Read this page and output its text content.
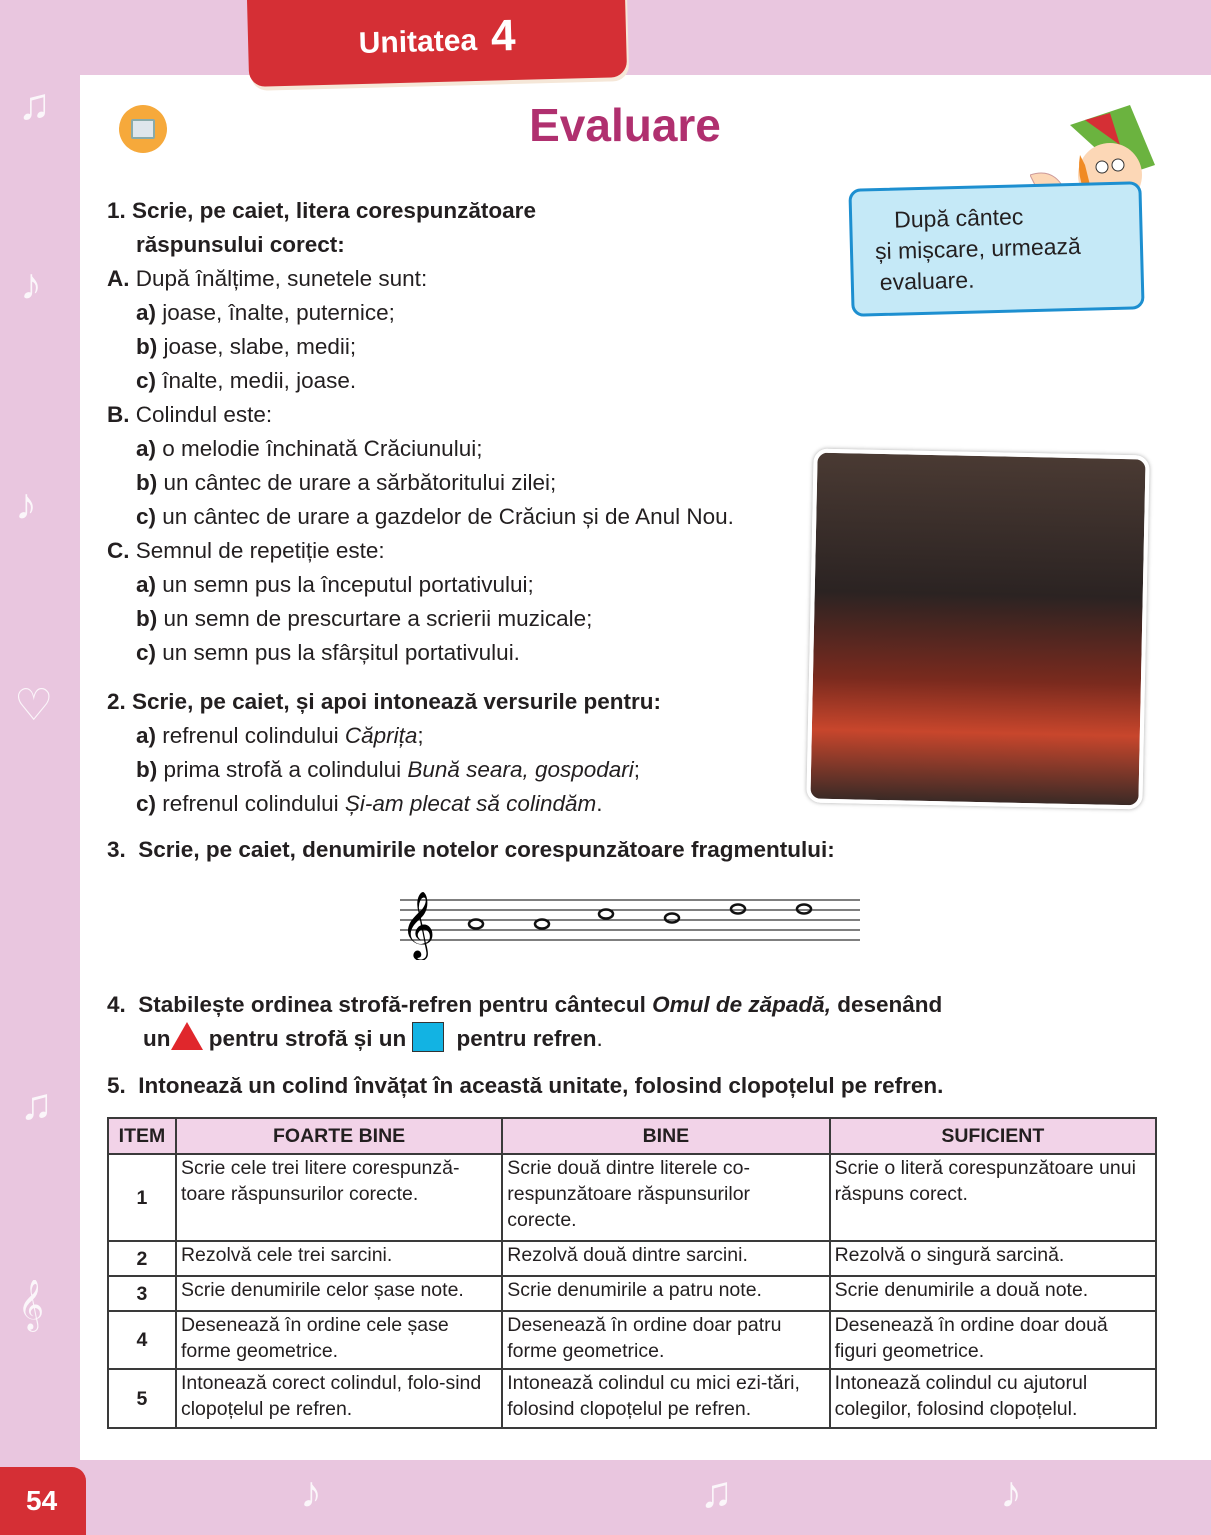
♫
♪
♪
♡
♫
𝄞
♪	♫	♪
Unitatea 4
Evaluare
După cântec
și mișcare, urmează
evaluare.
1. Scrie, pe caiet, litera corespunzătoare
răspunsului corect:
A. După înălțime, sunetele sunt:
a) joase, înalte, puternice;
b) joase, slabe, medii;
c) înalte, medii, joase.
B. Colindul este:
a) o melodie închinată Crăciunului;
b) un cântec de urare a sărbătoritului zilei;
c) un cântec de urare a gazdelor de Crăciun și de Anul Nou.
C. Semnul de repetiție este:
a) un semn pus la începutul portativului;
b) un semn de prescurtare a scrierii muzicale;
c) un semn pus la sfârșitul portativului.
2. Scrie, pe caiet, și apoi intonează versurile pentru:
a) refrenul colindului Căprița;
b) prima strofă a colindului Bună seara, gospodari;
c) refrenul colindului Și-am plecat să colindăm.
3. Scrie, pe caiet, denumirile notelor corespunzătoare fragmentului:
𝄞
4. Stabilește ordinea strofă-refren pentru cântecul Omul de zăpadă, desenând
un pentru strofă și un pentru refren.
5. Intonează un colind învățat în această unitate, folosind clopoțelul pe refren.
ITEM	FOARTE BINE	BINE	SUFICIENT
1	Scrie cele trei litere corespunză-toare răspunsurilor corecte.	Scrie două dintre literele co-respunzătoare răspunsurilor corecte.	Scrie o literă corespunzătoare unui răspuns corect.
2	Rezolvă cele trei sarcini.	Rezolvă două dintre sarcini.	Rezolvă o singură sarcină.
3	Scrie denumirile celor șase note.	Scrie denumirile a patru note.	Scrie denumirile a două note.
4	Desenează în ordine cele șase forme geometrice.	Desenează în ordine doar patru forme geometrice.	Desenează în ordine doar două figuri geometrice.
5	Intonează corect colindul, folo-sind clopoțelul pe refren.	Intonează colindul cu mici ezi-tări, folosind clopoțelul pe refren.	Intonează colindul cu ajutorul colegilor, folosind clopoțelul.
54
